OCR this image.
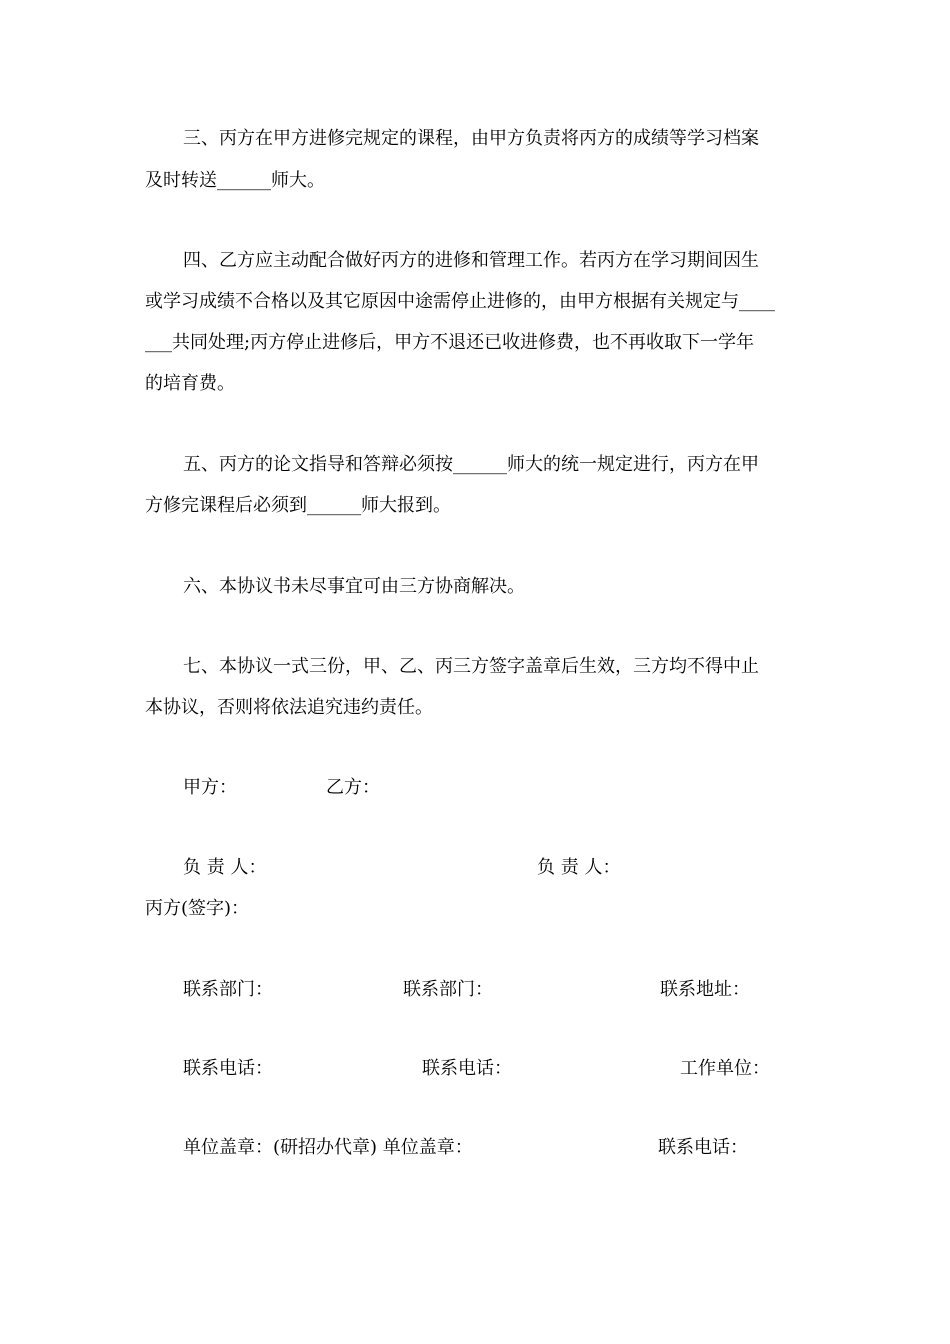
三、丙方在甲方进修完规定的课程，由甲方负责将丙方的成绩等学习档案
及时转送______师大。
四、乙方应主动配合做好丙方的进修和管理工作。若丙方在学习期间因生
或学习成绩不合格以及其它原因中途需停止进修的，由甲方根据有关规定与____
___共同处理;丙方停止进修后，甲方不退还已收进修费，也不再收取下一学年
的培育费。
五、丙方的论文指导和答辩必须按______师大的统一规定进行，丙方在甲
方修完课程后必须到______师大报到。
六、本协议书未尽事宜可由三方协商解决。
七、本协议一式三份，甲、乙、丙三方签字盖章后生效，三方均不得中止
本协议，否则将依法追究违约责任。
甲方：	乙方：
负 责 人：	负 责 人：
丙方(签字)：
联系部门：	联系部门：	联系地址：
联系电话：	联系电话：	工作单位：
单位盖章：(研招办代章) 单位盖章：	联系电话：
